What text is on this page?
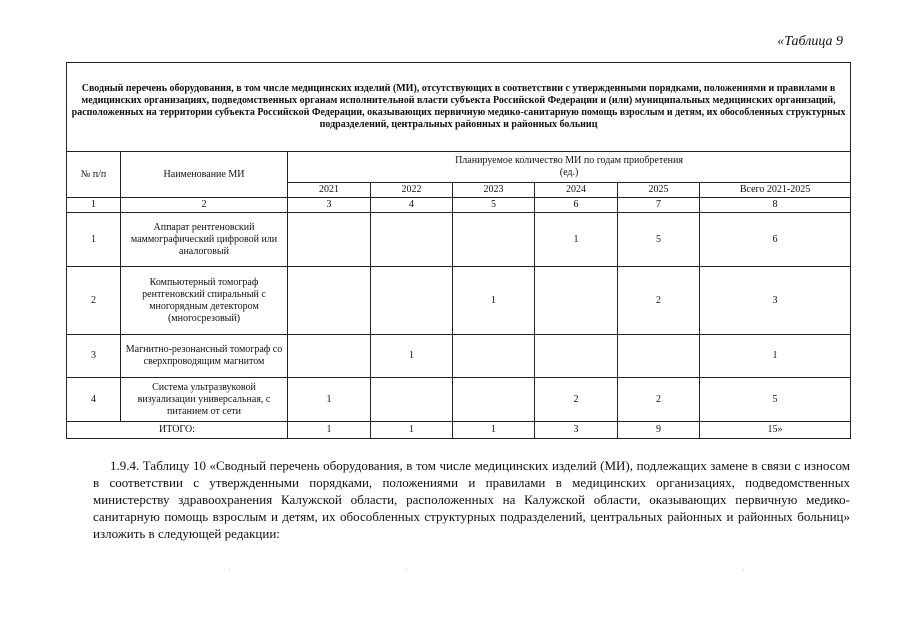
«Таблица 9
Сводный перечень оборудования, в том числе медицинских изделий (МИ), отсутствующих в соответствии с утвержденными порядками, положениями и правилами в медицинских организациях, подведомственных органам исполнительной власти субъекта Российской Федерации и (или) муниципальных медицинских организаций, расположенных на территории субъекта Российской Федерации, оказывающих первичную медико-санитарную помощь взрослым и детям, их обособленных структурных подразделений, центральных районных и районных больниц							
№ п/п	Наименование МИ	Планируемое количество МИ по годам приобретения
(ед.)					

		2021	2022	2023	2024	2025	Всего 2021-2025
1	2	3	4	5	6	7	8
1	Аппарат рентгеновский маммографический цифровой или аналоговый				1	5	6
2	Компьютерный томограф рентгеновский спиральный с многорядным детектором (многосрезовый)			1		2	3
3	Магнитно-резонансный томограф со сверхпроводящим магнитом		1				1
4	Система ультразвуковой визуализации универсальная, с питанием от сети	1			2	2	5
ИТОГО:		1	1	1	3	9	15»
1.9.4. Таблицу 10 «Сводный перечень оборудования, в том числе медицинских изделий (МИ), подлежащих замене в связи с износом в соответствии с утвержденными порядками, положениями и правилами в медицинских организациях, подведомственных министерству здравоохранения Калужской области, расположенных на Калужской области, оказывающих первичную медико-санитарную помощь взрослым и детям, их обособленных структурных подразделений, центральных районных и районных больниц» изложить в следующей редакции:
·	·	·
